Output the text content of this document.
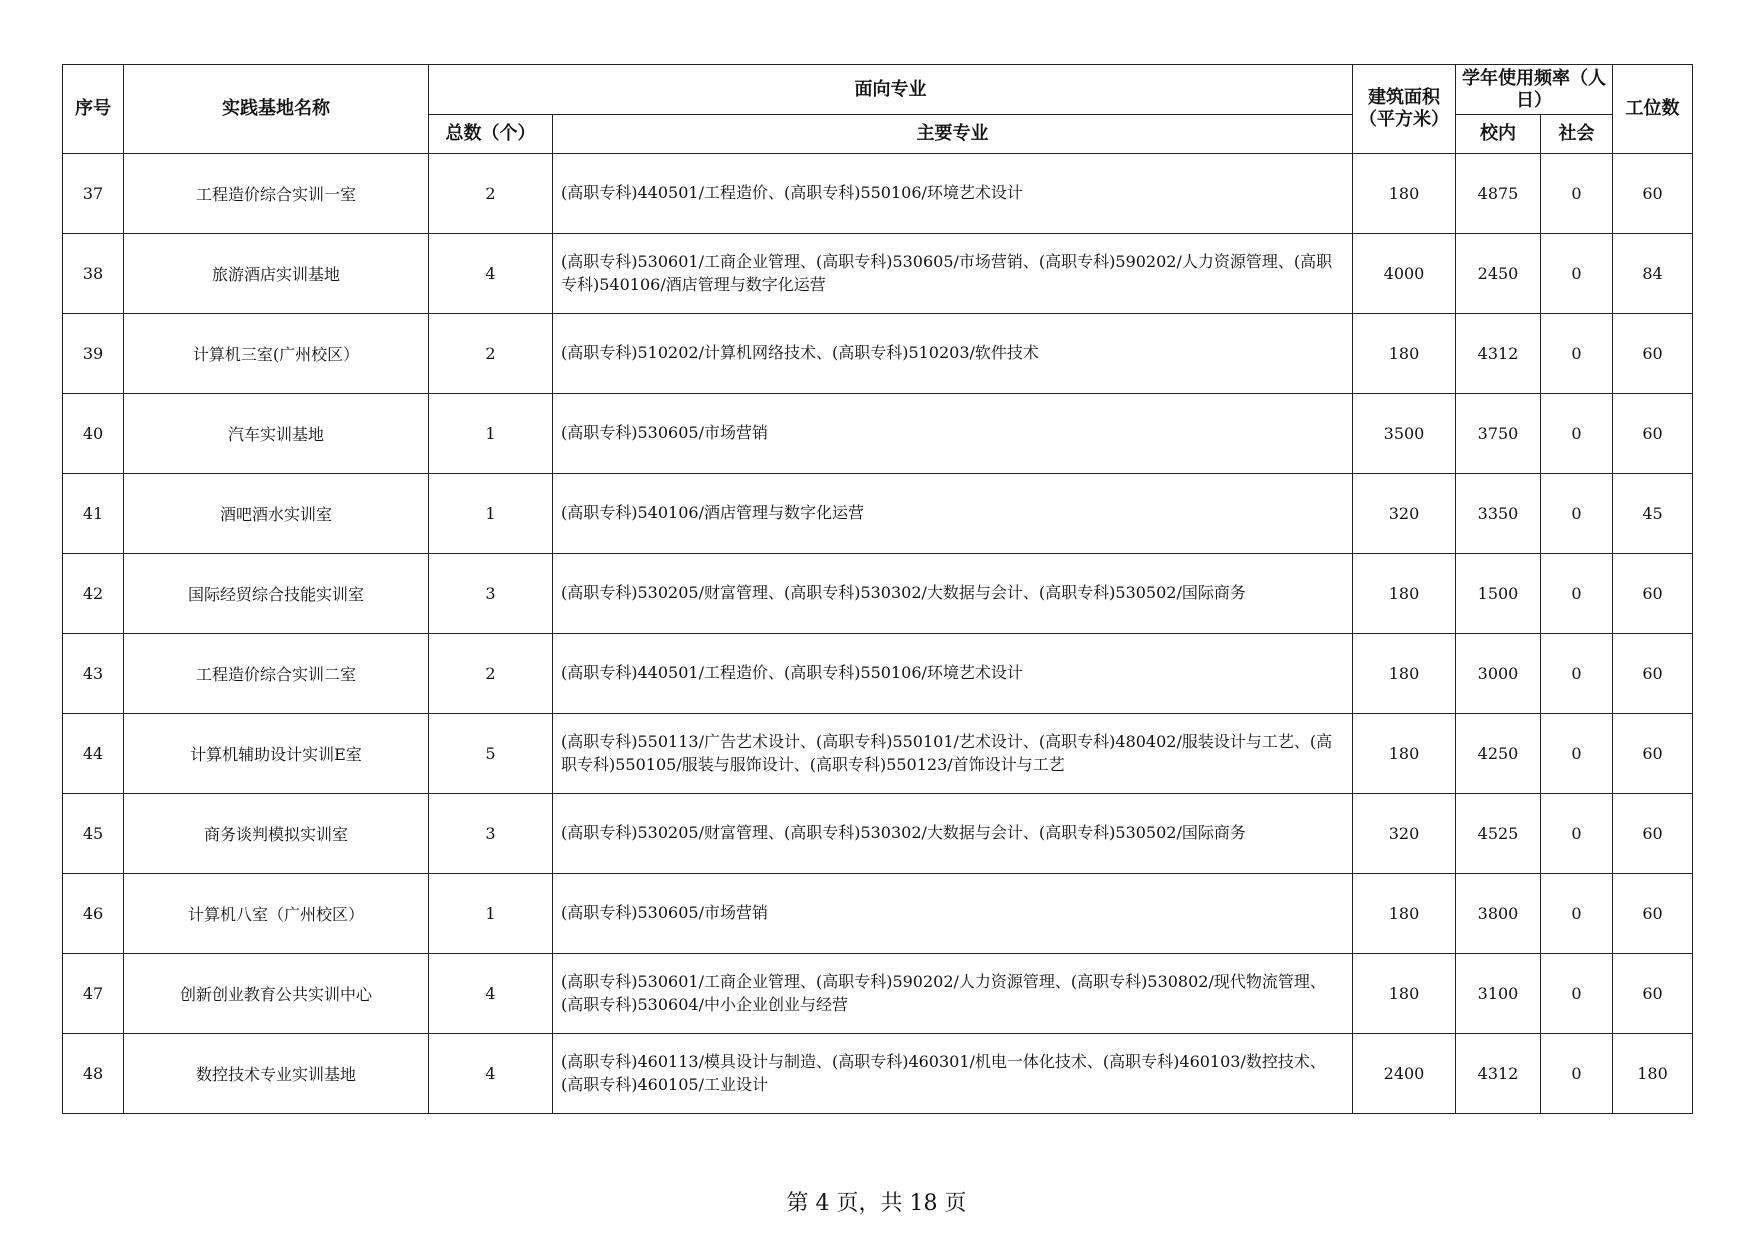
序号	实践基地名称	面向专业		建筑面积（平方米）	学年使用频率（人日）		工位数
		总数（个）	主要专业		校内	社会	
37	工程造价综合实训一室	2	(高职专科)440501/工程造价、(高职专科)550106/环境艺术设计	180	4875	0	60
38	旅游酒店实训基地	4	(高职专科)530601/工商企业管理、(高职专科)530605/市场营销、(高职专科)590202/人力资源管理、(高职专科)540106/酒店管理与数字化运营	4000	2450	0	84
39	计算机三室(广州校区）	2	(高职专科)510202/计算机网络技术、(高职专科)510203/软件技术	180	4312	0	60
40	汽车实训基地	1	(高职专科)530605/市场营销	3500	3750	0	60
41	酒吧酒水实训室	1	(高职专科)540106/酒店管理与数字化运营	320	3350	0	45
42	国际经贸综合技能实训室	3	(高职专科)530205/财富管理、(高职专科)530302/大数据与会计、(高职专科)530502/国际商务	180	1500	0	60
43	工程造价综合实训二室	2	(高职专科)440501/工程造价、(高职专科)550106/环境艺术设计	180	3000	0	60
44	计算机辅助设计实训E室	5	(高职专科)550113/广告艺术设计、(高职专科)550101/艺术设计、(高职专科)480402/服装设计与工艺、(高职专科)550105/服装与服饰设计、(高职专科)550123/首饰设计与工艺	180	4250	0	60
45	商务谈判模拟实训室	3	(高职专科)530205/财富管理、(高职专科)530302/大数据与会计、(高职专科)530502/国际商务	320	4525	0	60
46	计算机八室（广州校区）	1	(高职专科)530605/市场营销	180	3800	0	60
47	创新创业教育公共实训中心	4	(高职专科)530601/工商企业管理、(高职专科)590202/人力资源管理、(高职专科)530802/现代物流管理、(高职专科)530604/中小企业创业与经营	180	3100	0	60
48	数控技术专业实训基地	4	(高职专科)460113/模具设计与制造、(高职专科)460301/机电一体化技术、(高职专科)460103/数控技术、(高职专科)460105/工业设计	2400	4312	0	180
第 4 页，共 18 页
